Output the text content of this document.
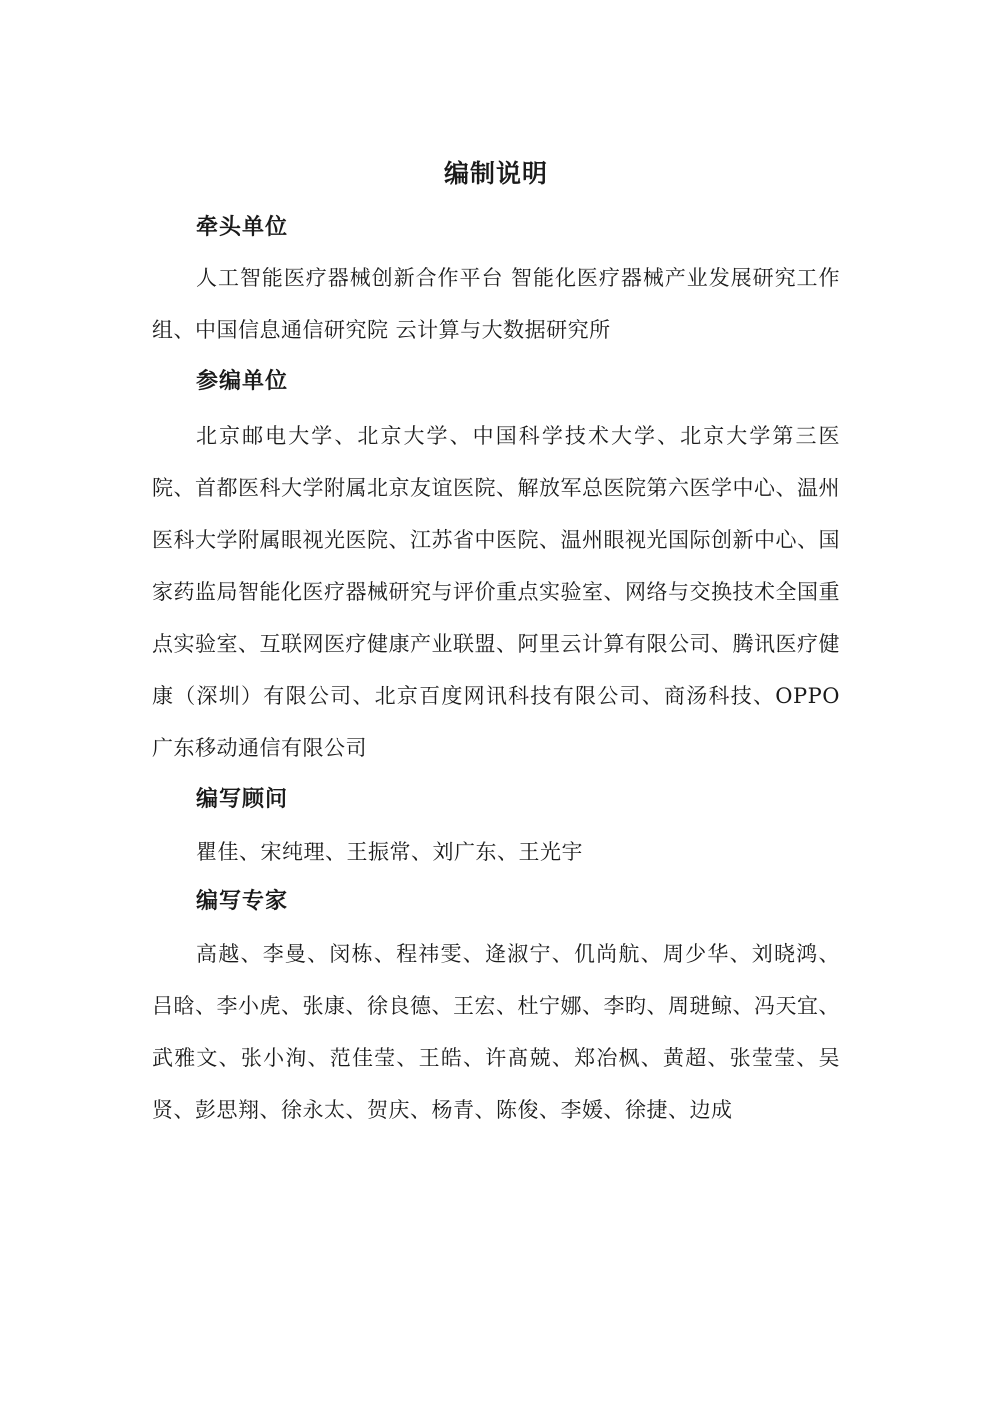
编制说明
牵头单位

人工智能医疗器械创新合作平台 智能化医疗器械产业发展研究工作组、中国信息通信研究院 云计算与大数据研究所

参编单位

北京邮电大学、北京大学、中国科学技术大学、北京大学第三医院、首都医科大学附属北京友谊医院、解放军总医院第六医学中心、温州医科大学附属眼视光医院、江苏省中医院、温州眼视光国际创新中心、国家药监局智能化医疗器械研究与评价重点实验室、网络与交换技术全国重点实验室、互联网医疗健康产业联盟、阿里云计算有限公司、腾讯医疗健康（深圳）有限公司、北京百度网讯科技有限公司、商汤科技、OPPO 广东移动通信有限公司

编写顾问

瞿佳、宋纯理、王振常、刘广东、王光宇

编写专家

高越、李曼、闵栋、程祎雯、逄淑宁、仉尚航、周少华、刘晓鸿、吕晗、李小虎、张康、徐良德、王宏、杜宁娜、李昀、周琎鲸、冯天宜、武雅文、张小洵、范佳莹、王皓、许髙兢、郑冶枫、黄超、张莹莹、吴贤、彭思翔、徐永太、贺庆、杨青、陈俊、李媛、徐捷、边成
